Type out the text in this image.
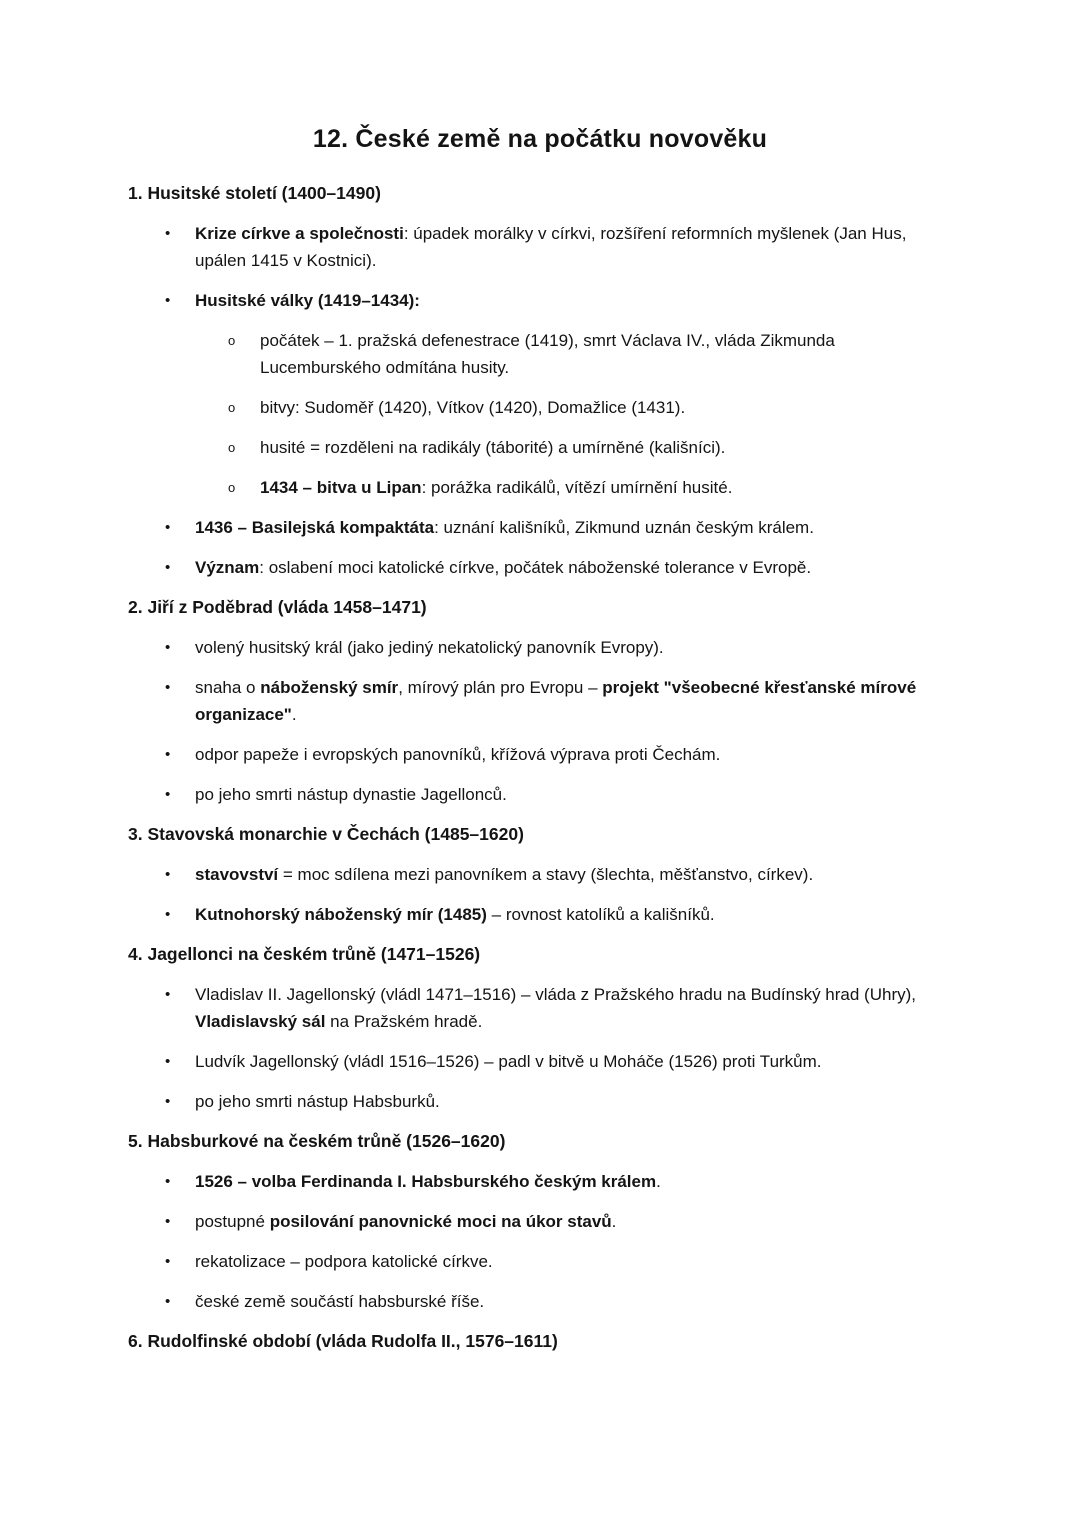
12. České země na počátku novověku
1. Husitské století (1400–1490)
•	Krize církve a společnosti: úpadek morálky v církvi, rozšíření reformních myšlenek (Jan Hus, upálen 1415 v Kostnici).
•	Husitské války (1419–1434):
o	počátek – 1. pražská defenestrace (1419), smrt Václava IV., vláda Zikmunda Lucemburského odmítána husity.
o	bitvy: Sudoměř (1420), Vítkov (1420), Domažlice (1431).
o	husité = rozděleni na radikály (táborité) a umírněné (kališníci).
o	1434 – bitva u Lipan: porážka radikálů, vítězí umírnění husité.
•	1436 – Basilejská kompaktáta: uznání kališníků, Zikmund uznán českým králem.
•	Význam: oslabení moci katolické církve, počátek náboženské tolerance v Evropě.
2. Jiří z Poděbrad (vláda 1458–1471)
•	volený husitský král (jako jediný nekatolický panovník Evropy).
•	snaha o náboženský smír, mírový plán pro Evropu – projekt "všeobecné křesťanské mírové organizace".
•	odpor papeže i evropských panovníků, křížová výprava proti Čechám.
•	po jeho smrti nástup dynastie Jagellonců.
3. Stavovská monarchie v Čechách (1485–1620)
•	stavovství = moc sdílena mezi panovníkem a stavy (šlechta, měšťanstvo, církev).
•	Kutnohorský náboženský mír (1485) – rovnost katolíků a kališníků.
4. Jagellonci na českém trůně (1471–1526)
•	Vladislav II. Jagellonský (vládl 1471–1516) – vláda z Pražského hradu na Budínský hrad (Uhry), Vladislavský sál na Pražském hradě.
•	Ludvík Jagellonský (vládl 1516–1526) – padl v bitvě u Moháče (1526) proti Turkům.
•	po jeho smrti nástup Habsburků.
5. Habsburkové na českém trůně (1526–1620)
•	1526 – volba Ferdinanda I. Habsburského českým králem.
•	postupné posilování panovnické moci na úkor stavů.
•	rekatolizace – podpora katolické církve.
•	české země součástí habsburské říše.
6. Rudolfinské období (vláda Rudolfa II., 1576–1611)
